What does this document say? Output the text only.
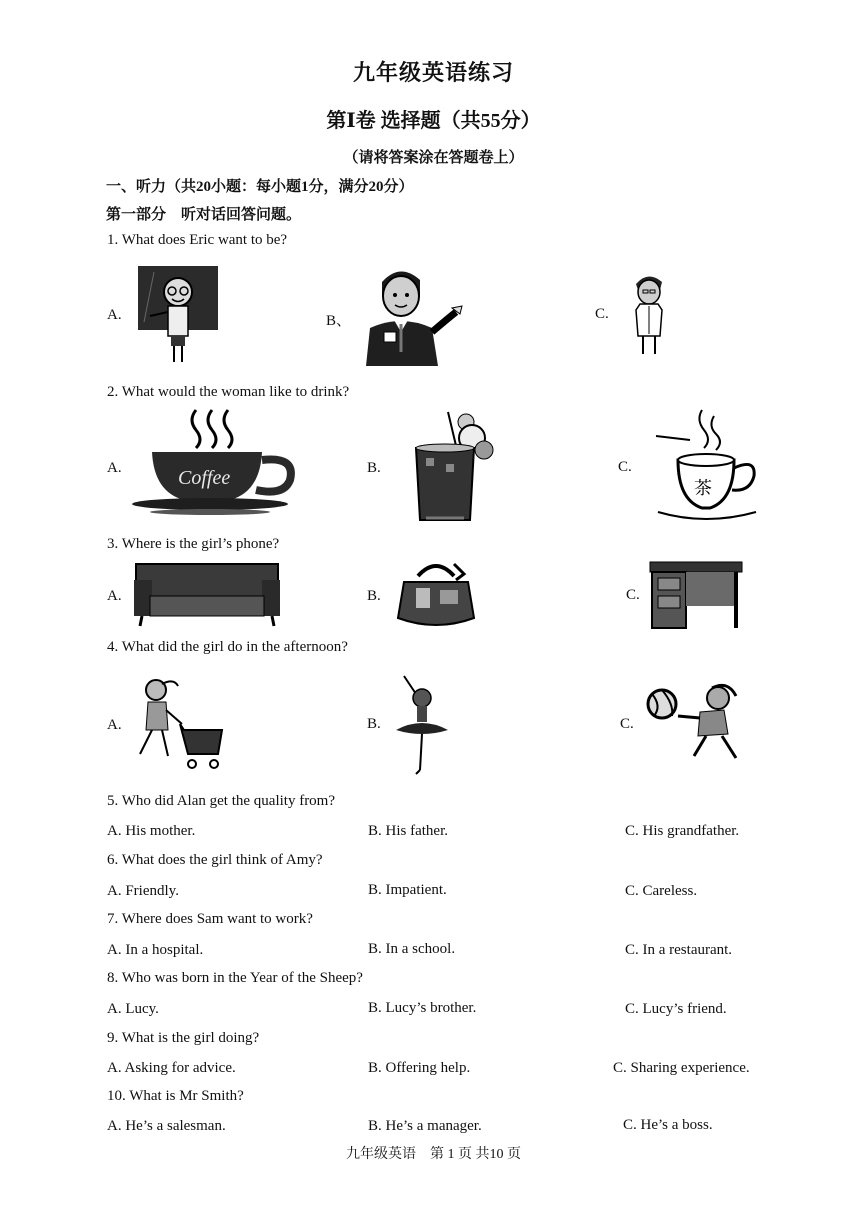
九年级英语练习
第Ⅰ卷 选择题（共55分）
（请将答案涂在答题卷上）
一、听力（共20小题：每小题1分，满分20分）
第一部分　听对话回答问题。
1. What does Eric want to be?
A.	B、	C.
2. What would the woman like to drink?
A.	B.	C.
Coffee	茶
3. Where is the girl’s phone?
A.	B.	C.
4. What did the girl do in the afternoon?
A.	B.	C.
5. Who did Alan get the quality from?
A. His mother.	B. His father.	C. His grandfather.
6. What does the girl think of Amy?
A. Friendly.	B. Impatient.	C. Careless.
7. Where does Sam want to work?
A. In a hospital.	B. In a school.	C. In a restaurant.
8. Who was born in the Year of the Sheep?
A. Lucy.	B. Lucy’s brother.	C. Lucy’s friend.
9. What is the girl doing?
A. Asking for advice.	B. Offering help.	C. Sharing experience.
10. What is Mr Smith?
A. He’s a salesman.	B. He’s a manager.	C. He’s a boss.
九年级英语　第 1 页 共10 页
